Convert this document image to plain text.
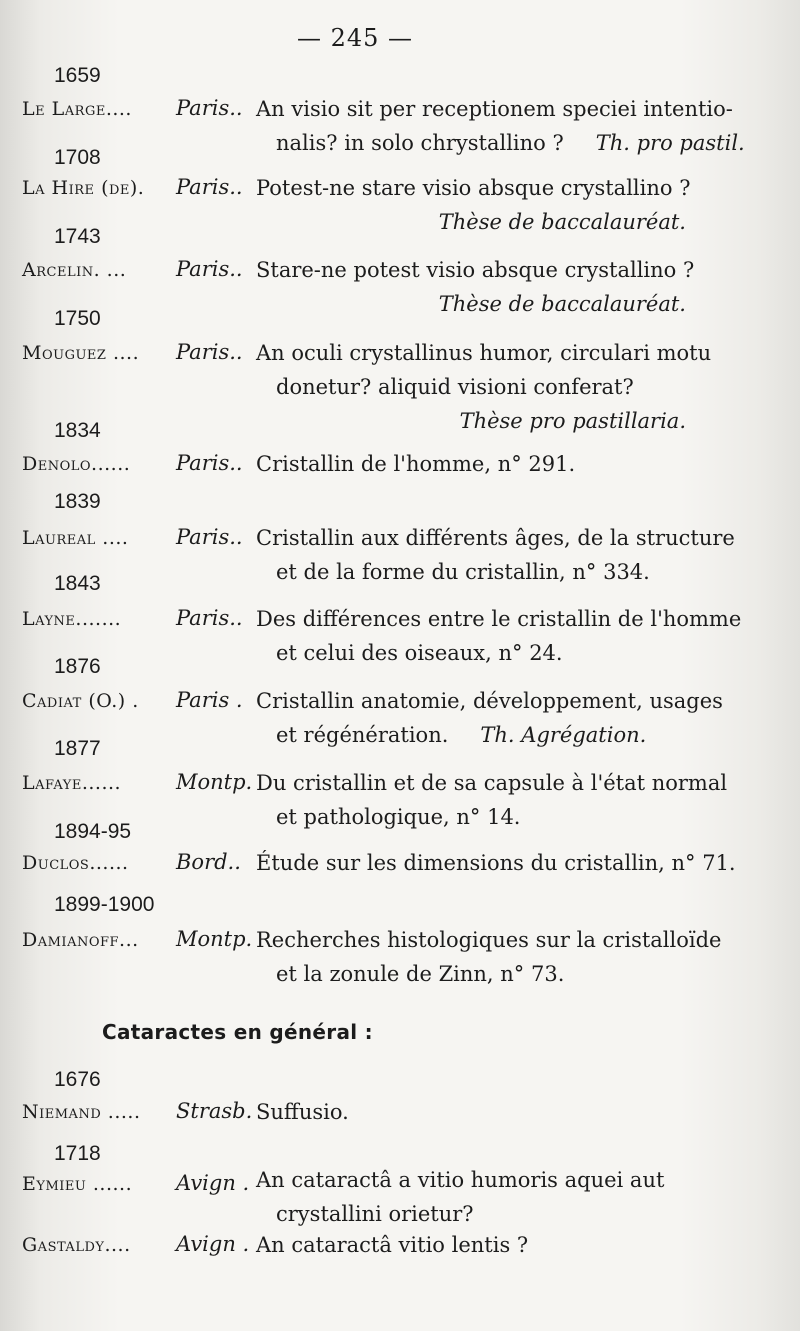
— 245 —
1659
Le Large.... Paris.. An visio sit per receptionem speciei intentio-
nalis? in solo chrystallino ? Th. pro pastil.
1708
La Hire (de). Paris.. Potest-ne stare visio absque crystallino ?
Thèse de baccalauréat.
1743
Arcelin. ... Paris.. Stare-ne potest visio absque crystallino ?
Thèse de baccalauréat.
1750
Mouguez .... Paris.. An oculi crystallinus humor, circulari motu
donetur? aliquid visioni conferat?
Thèse pro pastillaria.
1834
Denolo...... Paris.. Cristallin de l'homme, n° 291.
1839
Laureal .... Paris.. Cristallin aux différents âges, de la structure
et de la forme du cristallin, n° 334.
1843
Layne.......	Paris.. Des différences entre le cristallin de l'homme
et celui des oiseaux, n° 24.
1876
Cadiat (O.) . Paris . Cristallin anatomie, développement, usages
et régénération. Th. Agrégation.
1877
Lafaye......	Montp. Du cristallin et de sa capsule à l'état normal
et pathologique, n° 14.
1894-95
Duclos...... Bord.. Étude sur les dimensions du cristallin, n° 71.
1899-1900
Damianoff... Montp. Recherches histologiques sur la cristalloïde
et la zonule de Zinn, n° 73.
Cataractes en général :
1676
Niemand ..... Strasb. Suffusio.
1718
Eymieu ...... Avign . An cataractâ a vitio humoris aquei aut
crystallini orietur?
Gastaldy.... Avign . An cataractâ vitio lentis ?
